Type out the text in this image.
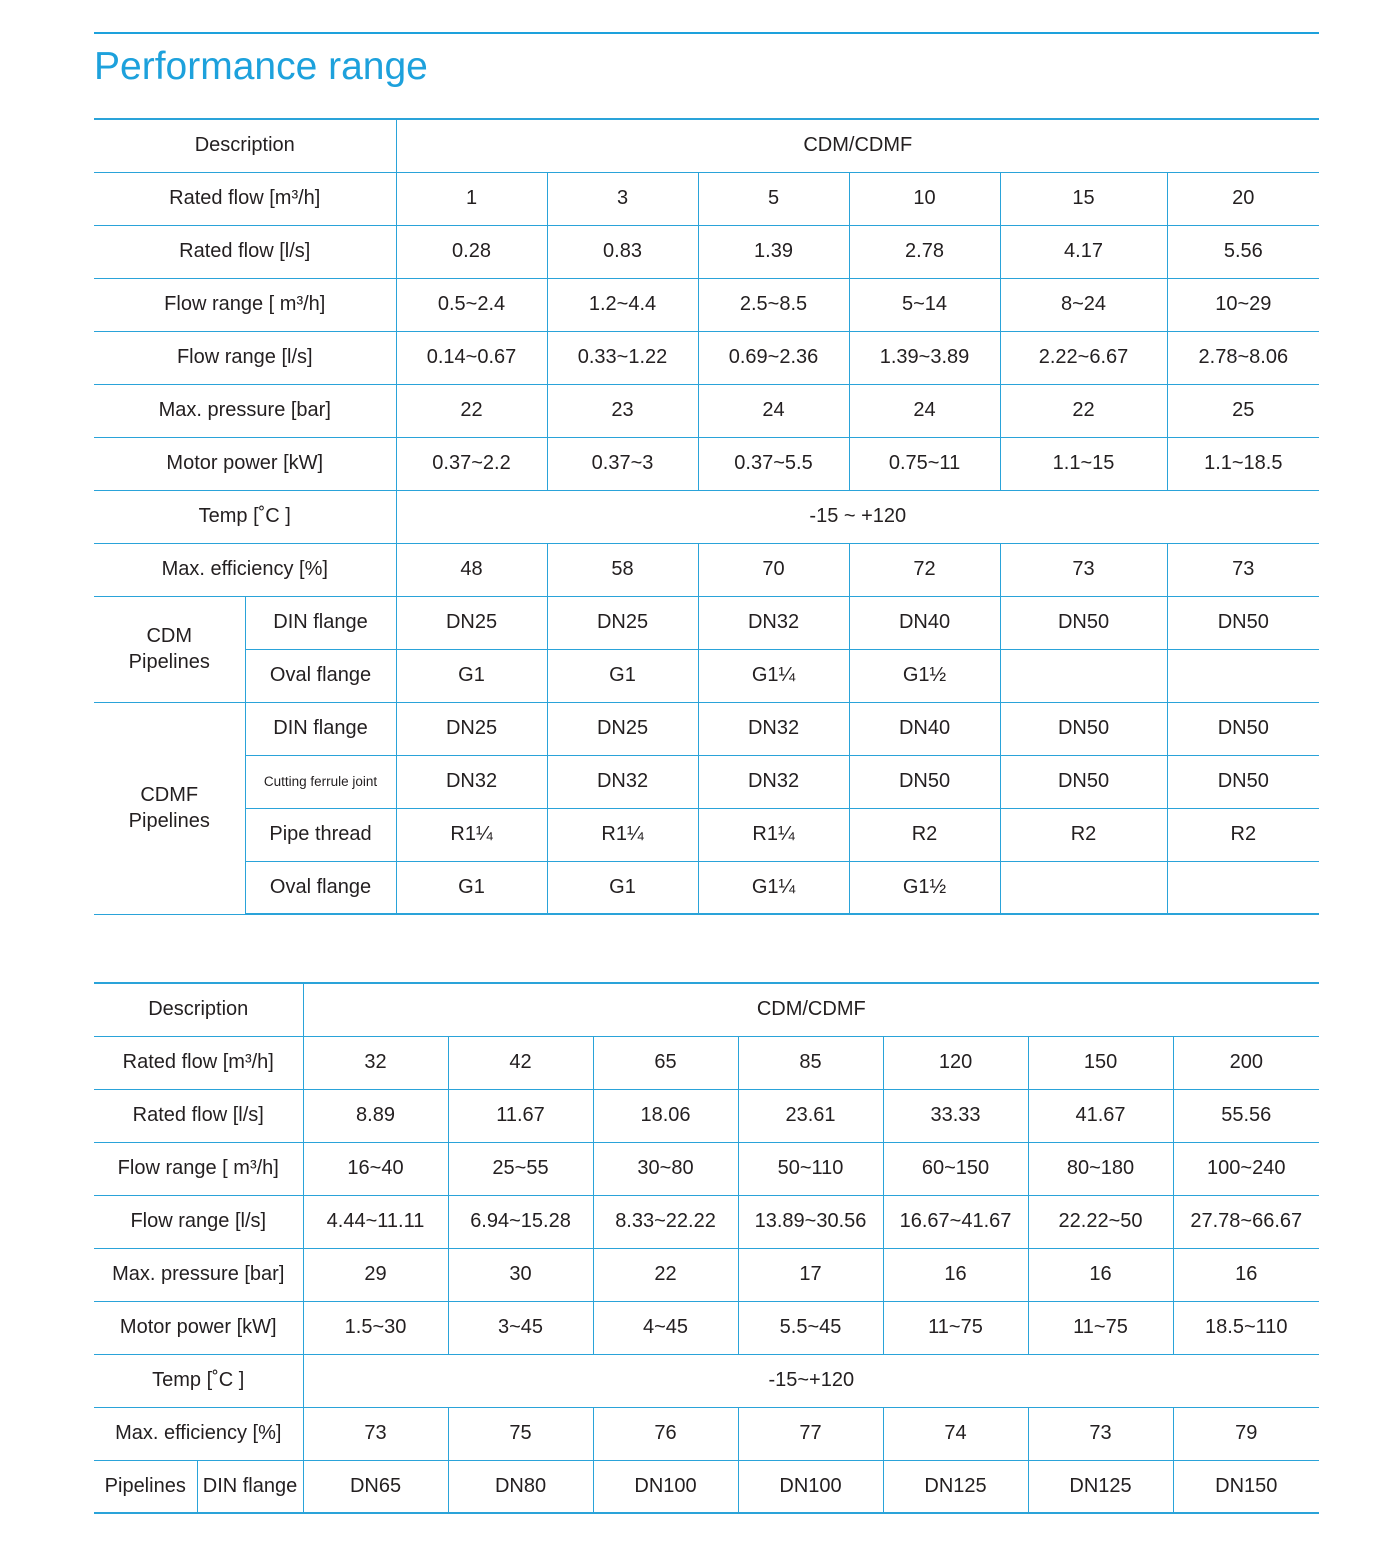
Performance range
Description		CDM/CDMF					
Rated flow [m³/h]		1	3	5	10	15	20
Rated flow [l/s]		0.28	0.83	1.39	2.78	4.17	5.56
Flow range [ m³/h]		0.5~2.4	1.2~4.4	2.5~8.5	5~14	8~24	10~29
Flow range [l/s]		0.14~0.67	0.33~1.22	0.69~2.36	1.39~3.89	2.22~6.67	2.78~8.06
Max. pressure [bar]		22	23	24	24	22	25
Motor power [kW]		0.37~2.2	0.37~3	0.37~5.5	0.75~11	1.1~15	1.1~18.5
Temp [˚C ]		-15 ~ +120					
Max. efficiency [%]		48	58	70	72	73	73

CDM
Pipelines	DIN flange	DN25	DN25	DN32	DN40	DN50	DN50
	Oval flange	G1	G1	G1¼	G1½		

CDMF
Pipelines	DIN flange	DN25	DN25	DN32	DN40	DN50	DN50
	Cutting ferrule joint	DN32	DN32	DN32	DN50	DN50	DN50
	Pipe thread	R1¼	R1¼	R1¼	R2	R2	R2
	Oval flange	G1	G1	G1¼	G1½		
Description		CDM/CDMF						
Rated flow [m³/h]		32	42	65	85	120	150	200
Rated flow [l/s]		8.89	11.67	18.06	23.61	33.33	41.67	55.56
Flow range [ m³/h]		16~40	25~55	30~80	50~110	60~150	80~180	100~240
Flow range [l/s]		4.44~11.11	6.94~15.28	8.33~22.22	13.89~30.56	16.67~41.67	22.22~50	27.78~66.67
Max. pressure [bar]		29	30	22	17	16	16	16
Motor power [kW]		1.5~30	3~45	4~45	5.5~45	11~75	11~75	18.5~110
Temp [˚C ]		-15~+120						
Max. efficiency [%]		73	75	76	77	74	73	79
Pipelines	DIN flange	DN65	DN80	DN100	DN100	DN125	DN125	DN150
